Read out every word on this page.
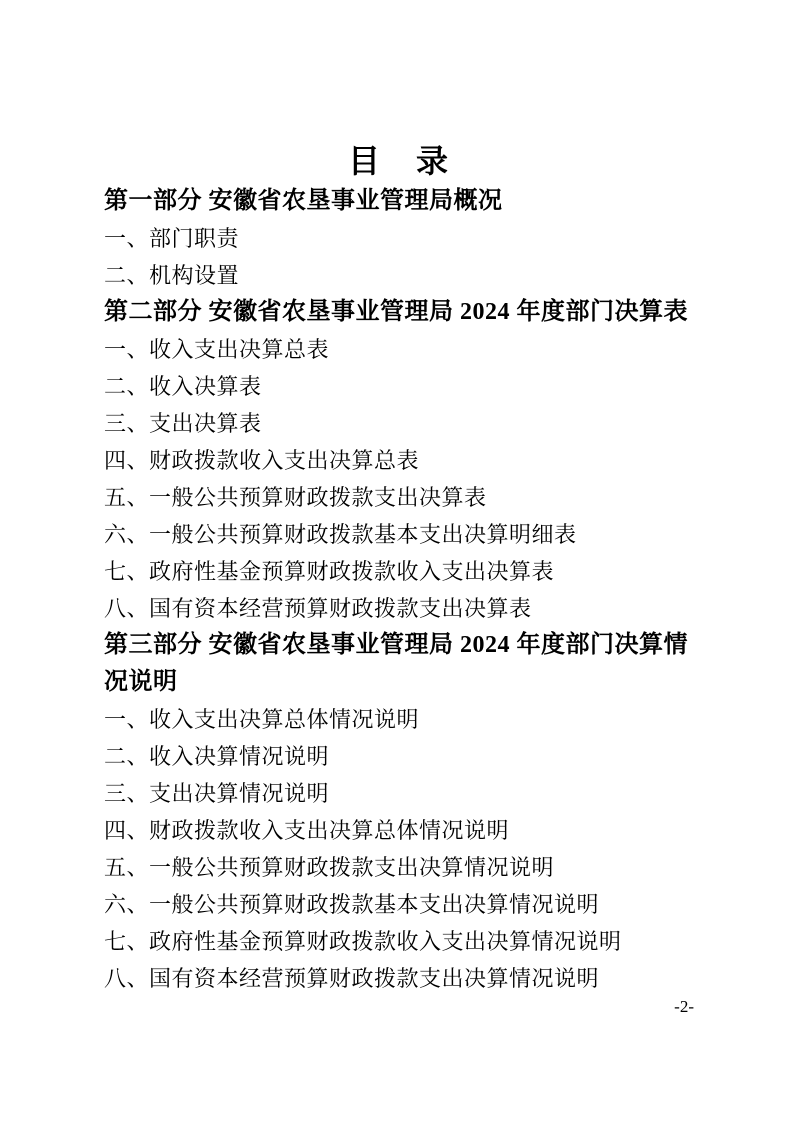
目　录

第一部分 安徽省农垦事业管理局概况

一、部门职责

二、机构设置

第二部分 安徽省农垦事业管理局 2024 年度部门决算表

一、收入支出决算总表

二、收入决算表

三、支出决算表

四、财政拨款收入支出决算总表

五、一般公共预算财政拨款支出决算表

六、一般公共预算财政拨款基本支出决算明细表

七、政府性基金预算财政拨款收入支出决算表

八、国有资本经营预算财政拨款支出决算表

第三部分 安徽省农垦事业管理局 2024 年度部门决算情况说明

一、收入支出决算总体情况说明

二、收入决算情况说明

三、支出决算情况说明

四、财政拨款收入支出决算总体情况说明

五、一般公共预算财政拨款支出决算情况说明

六、一般公共预算财政拨款基本支出决算情况说明

七、政府性基金预算财政拨款收入支出决算情况说明

八、国有资本经营预算财政拨款支出决算情况说明

-2-
